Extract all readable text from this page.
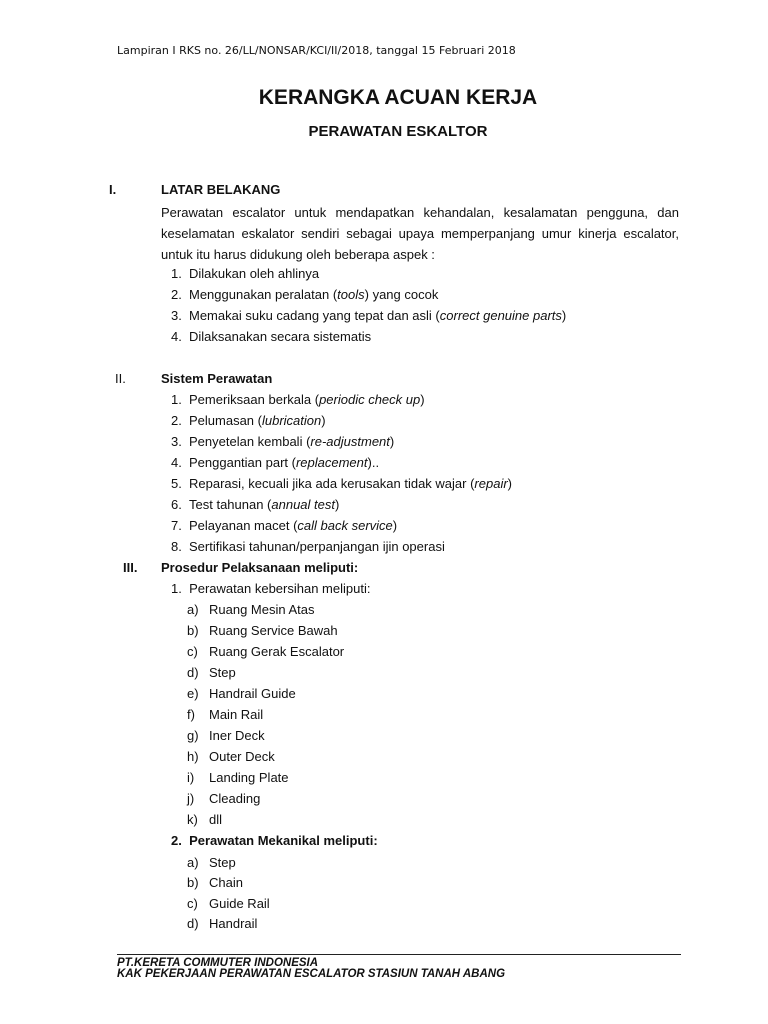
Lampiran I RKS no. 26/LL/NONSAR/KCI/II/2018, tanggal 15 Februari 2018
KERANGKA ACUAN KERJA
PERAWATAN ESKALTOR
I.	LATAR BELAKANG
Perawatan escalator untuk mendapatkan kehandalan, kesalamatan pengguna, dan
keselamatan eskalator sendiri sebagai upaya memperpanjang umur kinerja escalator,
untuk itu harus didukung oleh beberapa aspek :
1. Dilakukan oleh ahlinya
2. Menggunakan peralatan (tools) yang cocok
3. Memakai suku cadang yang tepat dan asli (correct genuine parts)
4. Dilaksanakan secara sistematis
II.	Sistem Perawatan
1. Pemeriksaan berkala (periodic check up)
2. Pelumasan (lubrication)
3. Penyetelan kembali (re-adjustment)
4. Penggantian part (replacement)..
5. Reparasi, kecuali jika ada kerusakan tidak wajar (repair)
6. Test tahunan (annual test)
7. Pelayanan macet (call back service)
8. Sertifikasi tahunan/perpanjangan ijin operasi
III. Prosedur Pelaksanaan meliputi:
1. Perawatan kebersihan meliputi:
a) Ruang Mesin Atas
b) Ruang Service Bawah
c) Ruang Gerak Escalator
d) Step
e) Handrail Guide
f) Main Rail
g) Iner Deck
h) Outer Deck
i) Landing Plate
j) Cleading
k) dll
2. Perawatan Mekanikal meliputi:
a) Step
b) Chain
c) Guide Rail
d) Handrail
PT.KERETA COMMUTER INDONESIA
KAK PEKERJAAN PERAWATAN ESCALATOR STASIUN TANAH ABANG
